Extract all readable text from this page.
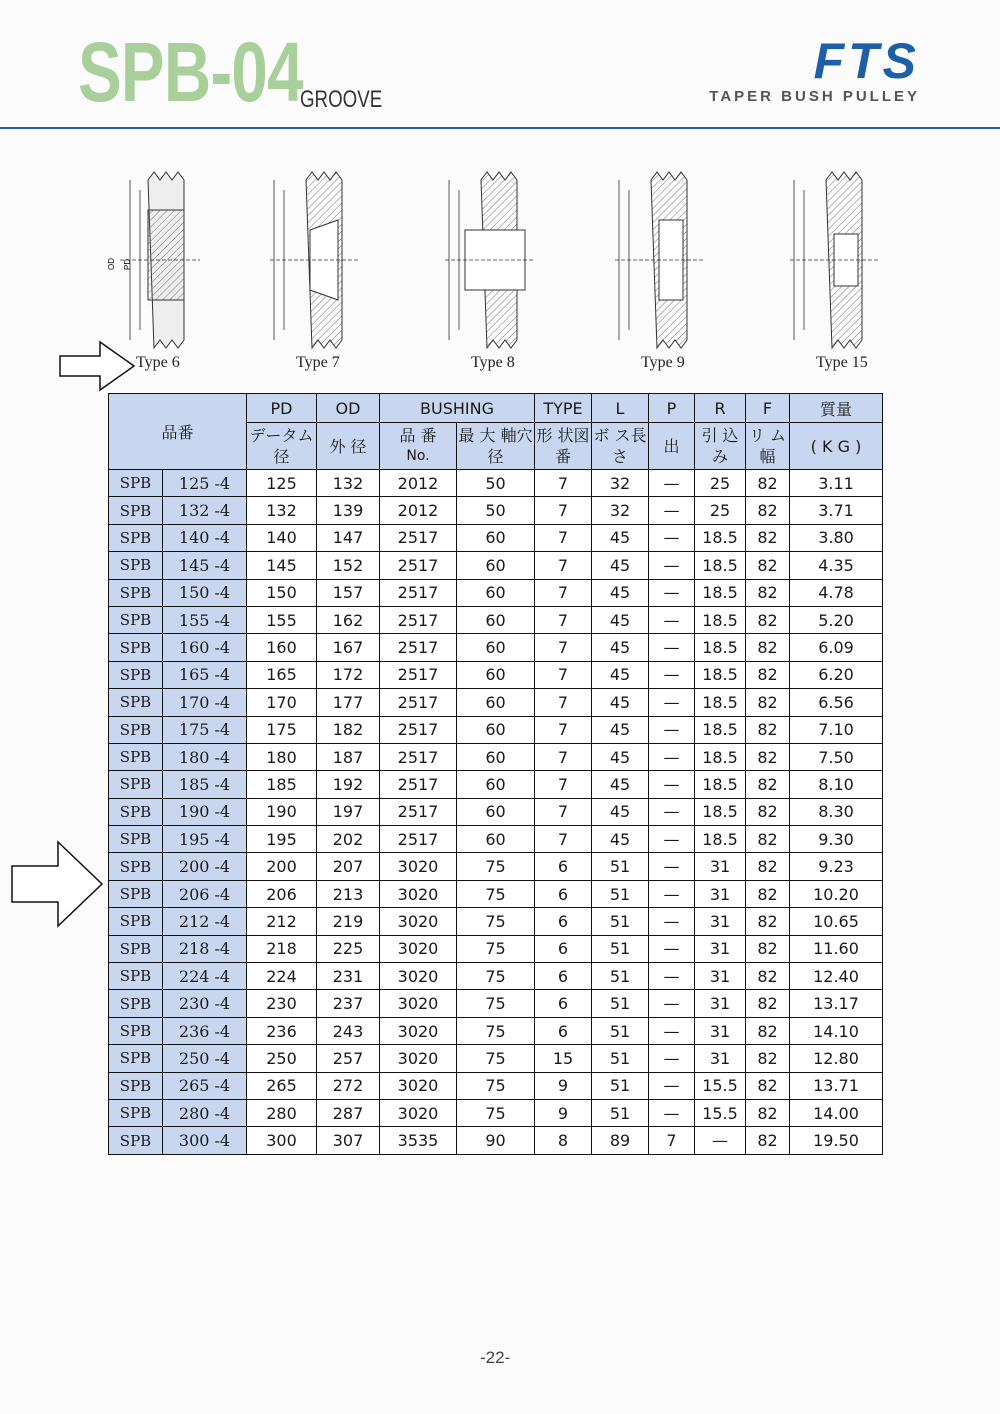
SPB-04
GROOVE
FTS
TAPER BUSH PULLEY
OD PD
Type 6	Type 7	Type 8	Type 9	Type 15
品番		PD	OD	BUSHING		TYPE	L	P	R	F	質量
		データム 径	外 径	品 番
No.	最 大 軸穴 径	形 状図 番	ボ ス長 さ	出	引 込み	リ ム幅	( K G )
SPB	125 -4	125	132	2012	50	7	32	—	25	82	3.11
SPB	132 -4	132	139	2012	50	7	32	—	25	82	3.71
SPB	140 -4	140	147	2517	60	7	45	—	18.5	82	3.80
SPB	145 -4	145	152	2517	60	7	45	—	18.5	82	4.35
SPB	150 -4	150	157	2517	60	7	45	—	18.5	82	4.78
SPB	155 -4	155	162	2517	60	7	45	—	18.5	82	5.20
SPB	160 -4	160	167	2517	60	7	45	—	18.5	82	6.09
SPB	165 -4	165	172	2517	60	7	45	—	18.5	82	6.20
SPB	170 -4	170	177	2517	60	7	45	—	18.5	82	6.56
SPB	175 -4	175	182	2517	60	7	45	—	18.5	82	7.10
SPB	180 -4	180	187	2517	60	7	45	—	18.5	82	7.50
SPB	185 -4	185	192	2517	60	7	45	—	18.5	82	8.10
SPB	190 -4	190	197	2517	60	7	45	—	18.5	82	8.30
SPB	195 -4	195	202	2517	60	7	45	—	18.5	82	9.30
SPB	200 -4	200	207	3020	75	6	51	—	31	82	9.23
SPB	206 -4	206	213	3020	75	6	51	—	31	82	10.20
SPB	212 -4	212	219	3020	75	6	51	—	31	82	10.65
SPB	218 -4	218	225	3020	75	6	51	—	31	82	11.60
SPB	224 -4	224	231	3020	75	6	51	—	31	82	12.40
SPB	230 -4	230	237	3020	75	6	51	—	31	82	13.17
SPB	236 -4	236	243	3020	75	6	51	—	31	82	14.10
SPB	250 -4	250	257	3020	75	15	51	—	31	82	12.80
SPB	265 -4	265	272	3020	75	9	51	—	15.5	82	13.71
SPB	280 -4	280	287	3020	75	9	51	—	15.5	82	14.00
SPB	300 -4	300	307	3535	90	8	89	7	—	82	19.50
-22-
